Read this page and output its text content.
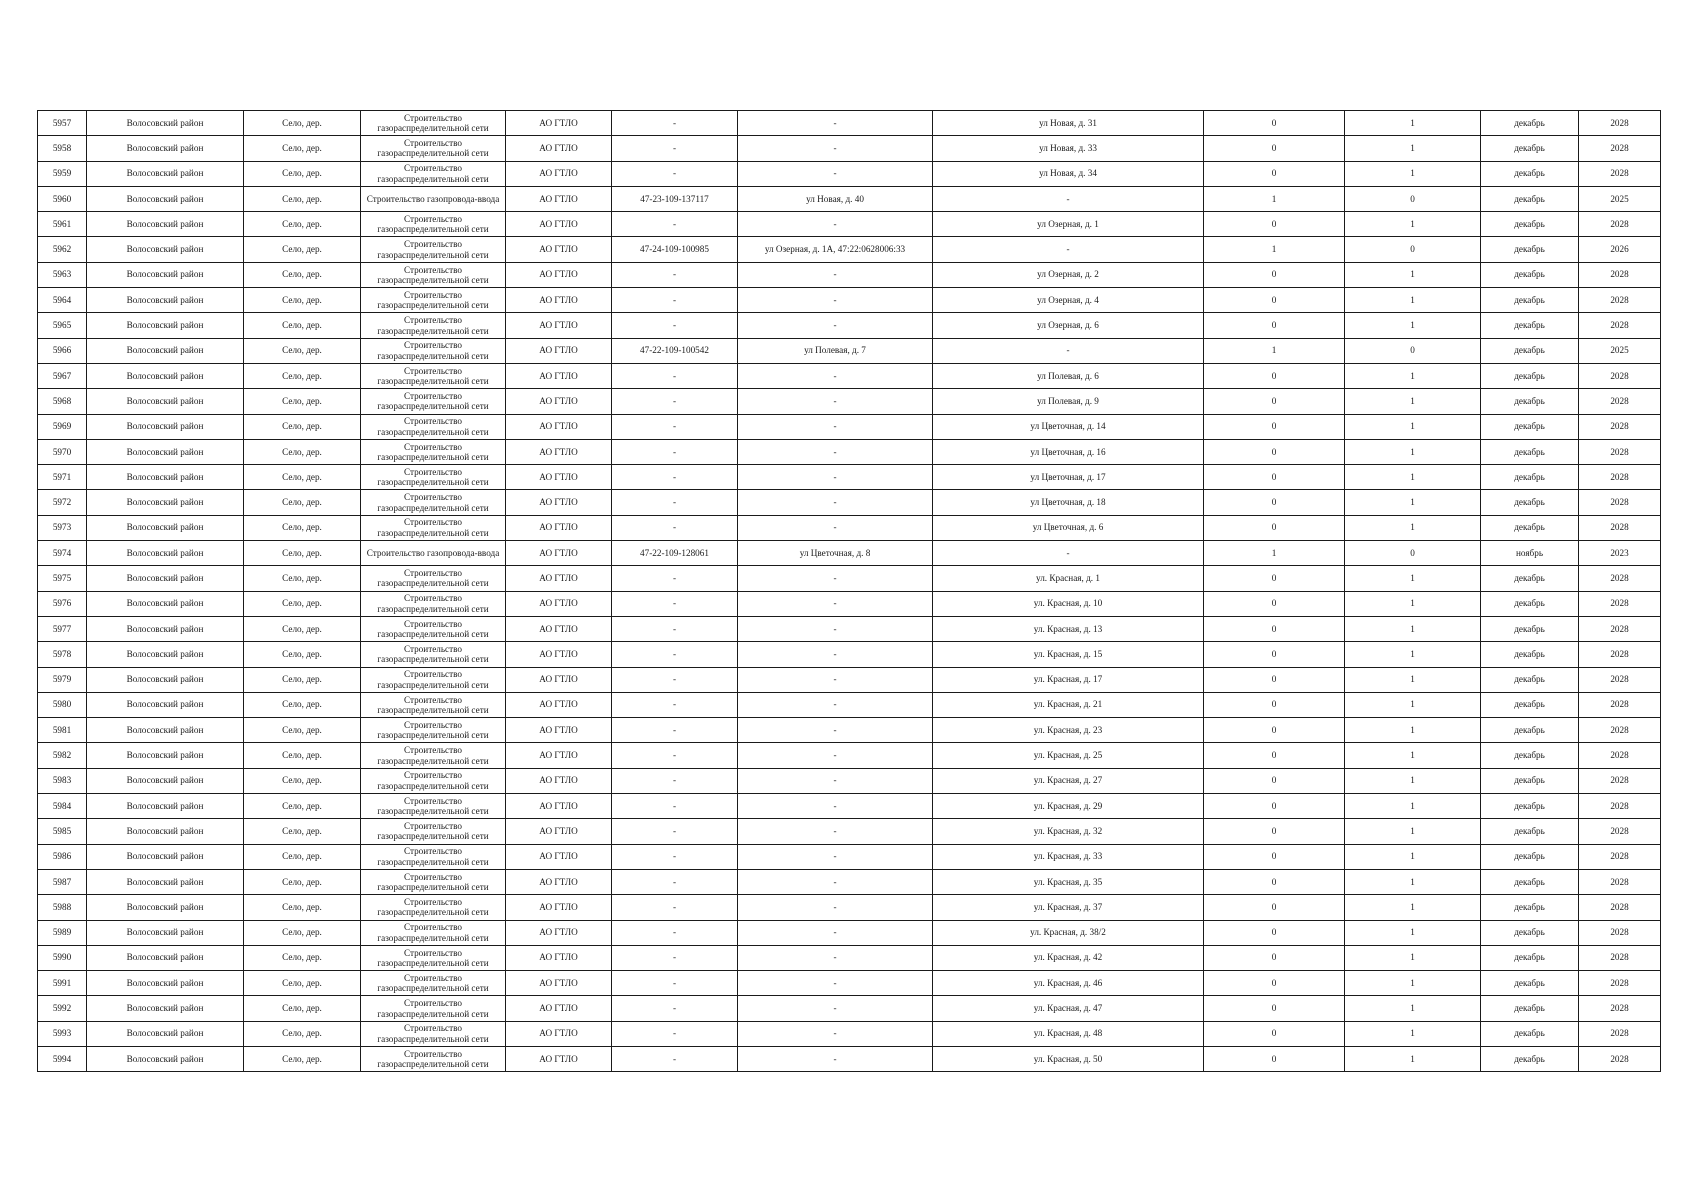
5957	Волосовский район	Село, дер.	Строительство газораспределительной сети	АО ГТЛО	-	-	ул Новая, д. 31	0	1	декабрь	2028
5958	Волосовский район	Село, дер.	Строительство газораспределительной сети	АО ГТЛО	-	-	ул Новая, д. 33	0	1	декабрь	2028
5959	Волосовский район	Село, дер.	Строительство газораспределительной сети	АО ГТЛО	-	-	ул Новая, д. 34	0	1	декабрь	2028
5960	Волосовский район	Село, дер.	Строительство газопровода-ввода	АО ГТЛО	47-23-109-137117	ул Новая, д. 40	-	1	0	декабрь	2025
5961	Волосовский район	Село, дер.	Строительство газораспределительной сети	АО ГТЛО	-	-	ул Озерная, д. 1	0	1	декабрь	2028
5962	Волосовский район	Село, дер.	Строительство газораспределительной сети	АО ГТЛО	47-24-109-100985	ул Озерная, д. 1А, 47:22:0628006:33	-	1	0	декабрь	2026
5963	Волосовский район	Село, дер.	Строительство газораспределительной сети	АО ГТЛО	-	-	ул Озерная, д. 2	0	1	декабрь	2028
5964	Волосовский район	Село, дер.	Строительство газораспределительной сети	АО ГТЛО	-	-	ул Озерная, д. 4	0	1	декабрь	2028
5965	Волосовский район	Село, дер.	Строительство газораспределительной сети	АО ГТЛО	-	-	ул Озерная, д. 6	0	1	декабрь	2028
5966	Волосовский район	Село, дер.	Строительство газораспределительной сети	АО ГТЛО	47-22-109-100542	ул Полевая, д. 7	-	1	0	декабрь	2025
5967	Волосовский район	Село, дер.	Строительство газораспределительной сети	АО ГТЛО	-	-	ул Полевая, д. 6	0	1	декабрь	2028
5968	Волосовский район	Село, дер.	Строительство газораспределительной сети	АО ГТЛО	-	-	ул Полевая, д. 9	0	1	декабрь	2028
5969	Волосовский район	Село, дер.	Строительство газораспределительной сети	АО ГТЛО	-	-	ул Цветочная, д. 14	0	1	декабрь	2028
5970	Волосовский район	Село, дер.	Строительство газораспределительной сети	АО ГТЛО	-	-	ул Цветочная, д. 16	0	1	декабрь	2028
5971	Волосовский район	Село, дер.	Строительство газораспределительной сети	АО ГТЛО	-	-	ул Цветочная, д. 17	0	1	декабрь	2028
5972	Волосовский район	Село, дер.	Строительство газораспределительной сети	АО ГТЛО	-	-	ул Цветочная, д. 18	0	1	декабрь	2028
5973	Волосовский район	Село, дер.	Строительство газораспределительной сети	АО ГТЛО	-	-	ул Цветочная, д. 6	0	1	декабрь	2028
5974	Волосовский район	Село, дер.	Строительство газопровода-ввода	АО ГТЛО	47-22-109-128061	ул Цветочная, д. 8	-	1	0	ноябрь	2023
5975	Волосовский район	Село, дер.	Строительство газораспределительной сети	АО ГТЛО	-	-	ул. Красная, д. 1	0	1	декабрь	2028
5976	Волосовский район	Село, дер.	Строительство газораспределительной сети	АО ГТЛО	-	-	ул. Красная, д. 10	0	1	декабрь	2028
5977	Волосовский район	Село, дер.	Строительство газораспределительной сети	АО ГТЛО	-	-	ул. Красная, д. 13	0	1	декабрь	2028
5978	Волосовский район	Село, дер.	Строительство газораспределительной сети	АО ГТЛО	-	-	ул. Красная, д. 15	0	1	декабрь	2028
5979	Волосовский район	Село, дер.	Строительство газораспределительной сети	АО ГТЛО	-	-	ул. Красная, д. 17	0	1	декабрь	2028
5980	Волосовский район	Село, дер.	Строительство газораспределительной сети	АО ГТЛО	-	-	ул. Красная, д. 21	0	1	декабрь	2028
5981	Волосовский район	Село, дер.	Строительство газораспределительной сети	АО ГТЛО	-	-	ул. Красная, д. 23	0	1	декабрь	2028
5982	Волосовский район	Село, дер.	Строительство газораспределительной сети	АО ГТЛО	-	-	ул. Красная, д. 25	0	1	декабрь	2028
5983	Волосовский район	Село, дер.	Строительство газораспределительной сети	АО ГТЛО	-	-	ул. Красная, д. 27	0	1	декабрь	2028
5984	Волосовский район	Село, дер.	Строительство газораспределительной сети	АО ГТЛО	-	-	ул. Красная, д. 29	0	1	декабрь	2028
5985	Волосовский район	Село, дер.	Строительство газораспределительной сети	АО ГТЛО	-	-	ул. Красная, д. 32	0	1	декабрь	2028
5986	Волосовский район	Село, дер.	Строительство газораспределительной сети	АО ГТЛО	-	-	ул. Красная, д. 33	0	1	декабрь	2028
5987	Волосовский район	Село, дер.	Строительство газораспределительной сети	АО ГТЛО	-	-	ул. Красная, д. 35	0	1	декабрь	2028
5988	Волосовский район	Село, дер.	Строительство газораспределительной сети	АО ГТЛО	-	-	ул. Красная, д. 37	0	1	декабрь	2028
5989	Волосовский район	Село, дер.	Строительство газораспределительной сети	АО ГТЛО	-	-	ул. Красная, д. 38/2	0	1	декабрь	2028
5990	Волосовский район	Село, дер.	Строительство газораспределительной сети	АО ГТЛО	-	-	ул. Красная, д. 42	0	1	декабрь	2028
5991	Волосовский район	Село, дер.	Строительство газораспределительной сети	АО ГТЛО	-	-	ул. Красная, д. 46	0	1	декабрь	2028
5992	Волосовский район	Село, дер.	Строительство газораспределительной сети	АО ГТЛО	-	-	ул. Красная, д. 47	0	1	декабрь	2028
5993	Волосовский район	Село, дер.	Строительство газораспределительной сети	АО ГТЛО	-	-	ул. Красная, д. 48	0	1	декабрь	2028
5994	Волосовский район	Село, дер.	Строительство газораспределительной сети	АО ГТЛО	-	-	ул. Красная, д. 50	0	1	декабрь	2028
